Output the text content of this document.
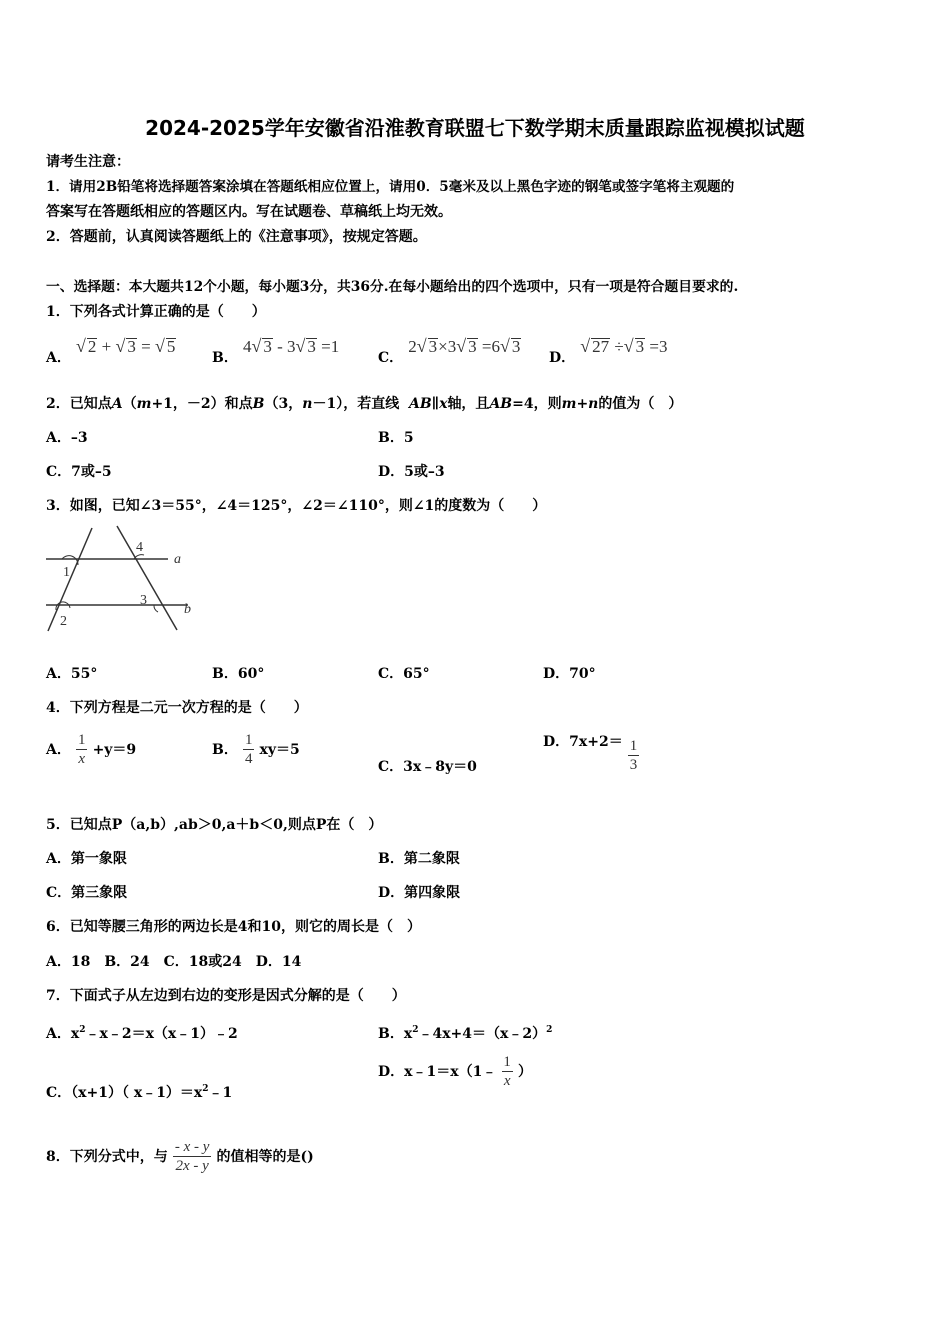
2024-2025学年安徽省沿淮教育联盟七下数学期末质量跟踪监视模拟试题
请考生注意：
1．请用2B铅笔将选择题答案涂填在答题纸相应位置上，请用0．5毫米及以上黑色字迹的钢笔或签字笔将主观题的
答案写在答题纸相应的答题区内。写在试题卷、草稿纸上均无效。
2．答题前，认真阅读答题纸上的《注意事项》，按规定答题。
一、选择题：本大题共12个小题，每小题3分，共36分.在每小题给出的四个选项中，只有一项是符合题目要求的.
1．下列各式计算正确的是（　　）
A． √ 2 + √ 3 = √ 5
B． 4√ 3 - 3√ 3 =1
C． 2√ 3×3√ 3 =6√ 3
D． √ 27 ÷√ 3 =3
2．已知点A（m+1，－2）和点B（3，n－1），若直线 AB∥x轴，且AB=4，则m+n的值为（　）
A．–3	B．5
C．7或–5	D．5或–3
3．如图，已知∠3＝55°，∠4＝125°，∠2＝∠110°，则∠1的度数为（　　）
4
1
3
2
a
b
A．55°	B．60°	C．65°	D．70°
4．下列方程是二元一次方程的是（　　）
A． $\frac{1}{x} +y=9$	B． $\frac{1}{4} xy=5$
C．3x﹣8y＝0
D．$7x+2= \frac{1}{3}$
5．已知点P（a,b）,ab＞0,a＋b＜0,则点P在（　）
A．第一象限	B．第二象限
C．第三象限	D．第四象限
6．已知等腰三角形的两边长是4和10，则它的周长是（　）
A．18　B．24　C．18或24　D．14
7．下面式子从左边到右边的变形是因式分解的是（　　）
A．$x^2﹣x﹣2=x(x﹣1)﹣2$	B．$x^2﹣4x+4=(x﹣2)^2$
C．（x+1）（ $x﹣1)=x^2﹣1$
D．x﹣1＝x（1﹣ $\frac{1}{x}$ ）
8．下列分式中，与 $\frac{- x - y}{2x - y}$ 的值相等的是()
